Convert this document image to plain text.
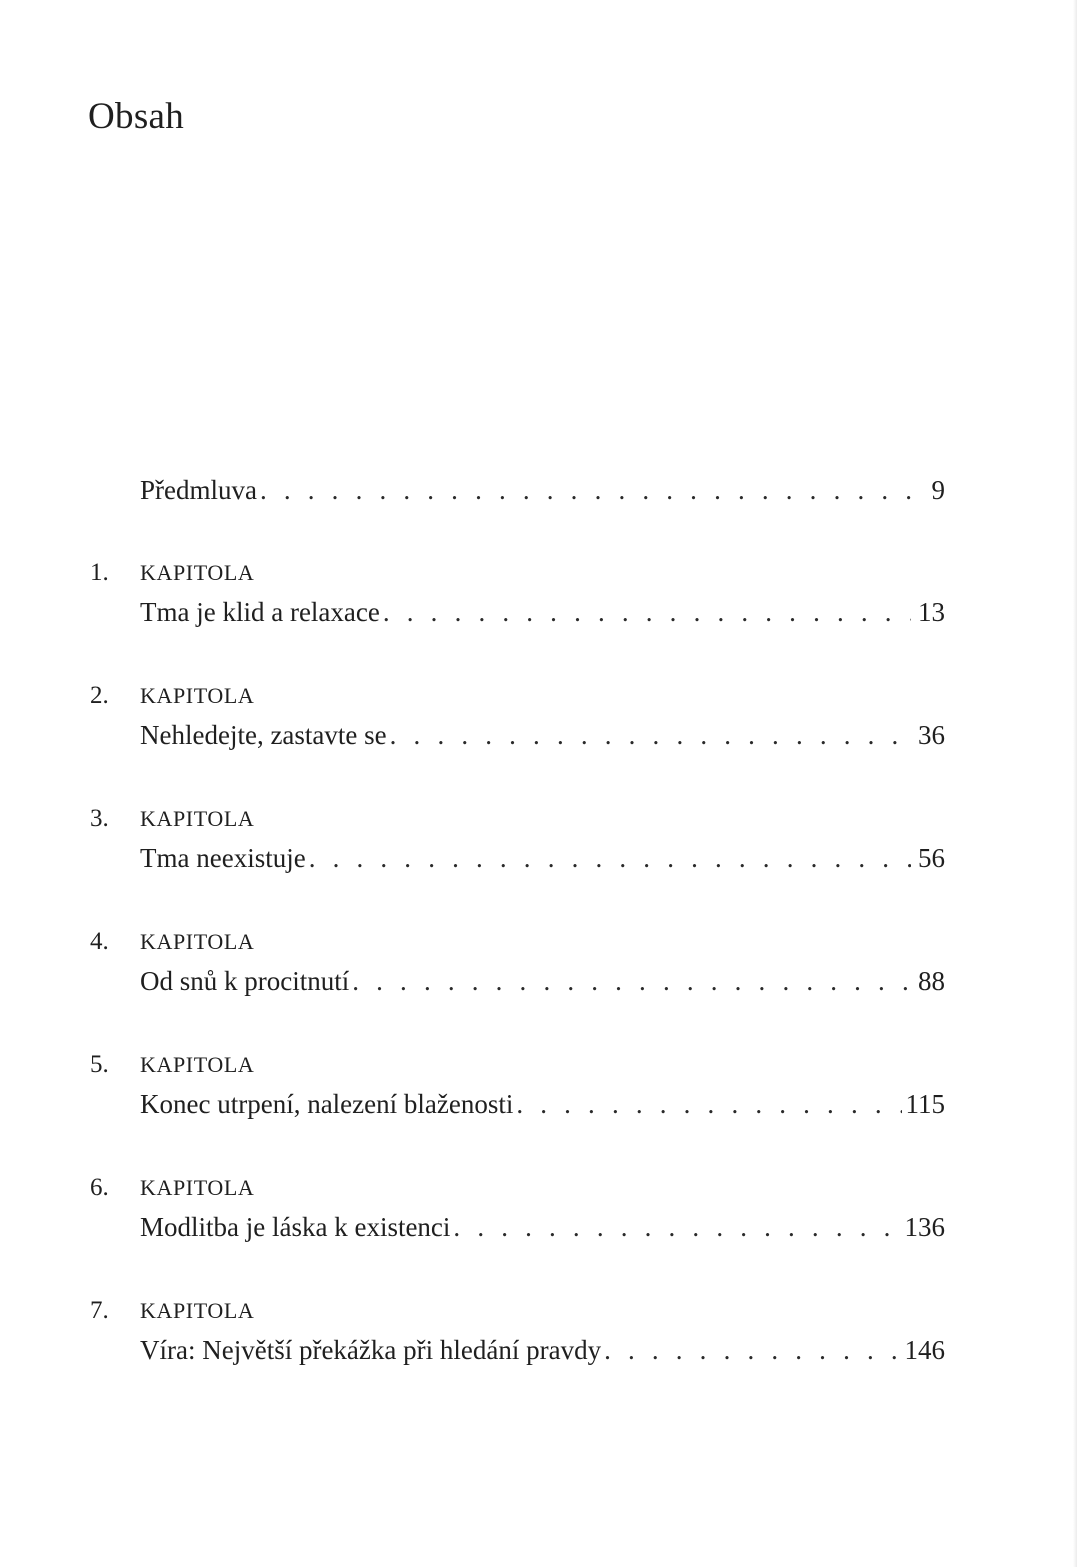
Obsah
Předmluva . . .	9
1.	KAPITOLA
Tma je klid a relaxace . . .	13
2.	KAPITOLA
Nehledejte, zastavte se . . .	36
3.	KAPITOLA
Tma neexistuje . . .	56
4.	KAPITOLA
Od snů k procitnutí . . .	88
5.	KAPITOLA
Konec utrpení, nalezení blaženosti . . .	115
6.	KAPITOLA
Modlitba je láska k existenci . . .	136
7.	KAPITOLA
Víra: Největší překážka při hledání pravdy . . .	146
